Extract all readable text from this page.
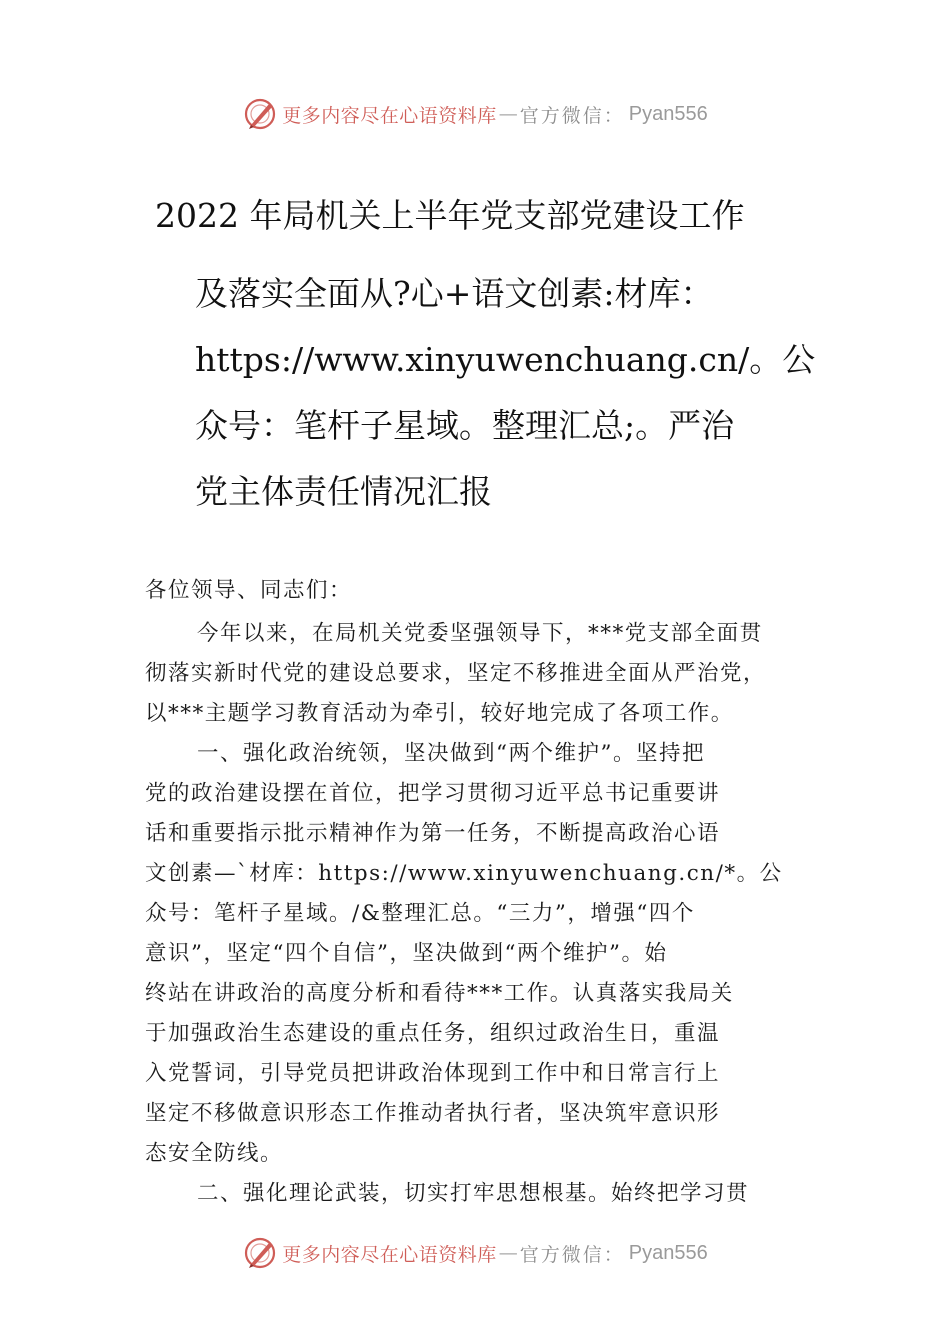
更多内容尽在心语资料库 — 官方微信： Pyan556
2022 年局机关上半年党支部党建设工作
及落实全面从?心+语文创素:材库：
https://www.xinyuwenchuang.cn/。公
众号：笔杆子星域。整理汇总;。严治
党主体责任情况汇报
各位领导、同志们：
今年以来，在局机关党委坚强领导下，***党支部全面贯
彻落实新时代党的建设总要求，坚定不移推进全面从严治党，
以***主题学习教育活动为牵引，较好地完成了各项工作。
一、强化政治统领，坚决做到“两个维护”。坚持把
党的政治建设摆在首位，把学习贯彻习近平总书记重要讲
话和重要指示批示精神作为第一任务，不断提高政治心语
文创素—`材库：https://www.xinyuwenchuang.cn/*。公
众号：笔杆子星域。/&整理汇总。“三力”，增强“四个
意识”，坚定“四个自信”，坚决做到“两个维护”。始
终站在讲政治的高度分析和看待***工作。认真落实我局关
于加强政治生态建设的重点任务，组织过政治生日，重温
入党誓词，引导党员把讲政治体现到工作中和日常言行上
坚定不移做意识形态工作推动者执行者，坚决筑牢意识形
态安全防线。
二、强化理论武装，切实打牢思想根基。始终把学习贯
更多内容尽在心语资料库 — 官方微信： Pyan556
